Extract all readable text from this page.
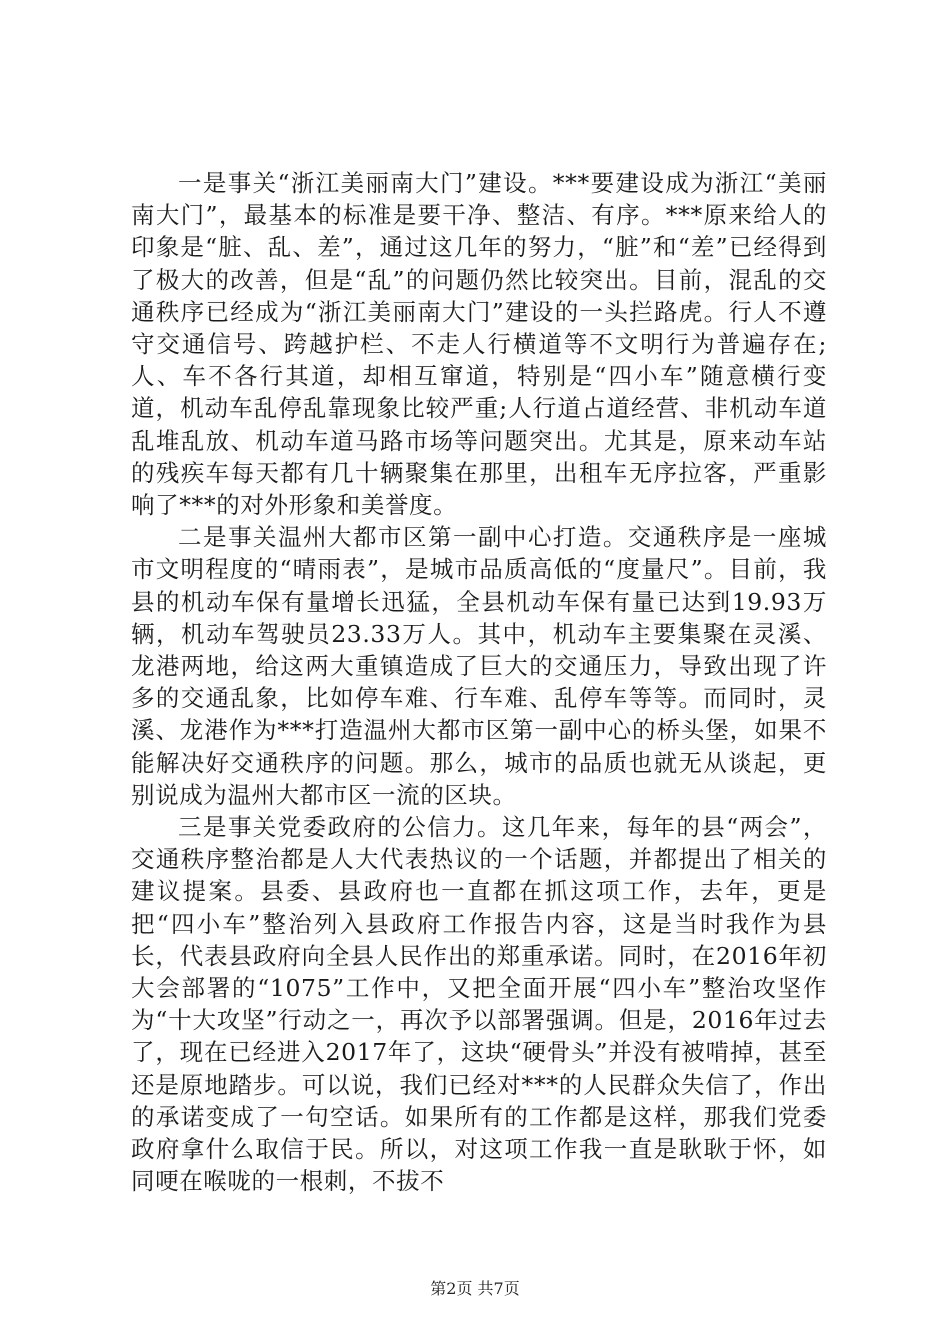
一是事关“浙江美丽南大门”建设。***要建设成为浙江“美丽南大门”，最基本的标准是要干净、整洁、有序。***原来给人的印象是“脏、乱、差”，通过这几年的努力，“脏”和“差”已经得到了极大的改善，但是“乱”的问题仍然比较突出。目前，混乱的交通秩序已经成为“浙江美丽南大门”建设的一头拦路虎。行人不遵守交通信号、跨越护栏、不走人行横道等不文明行为普遍存在;人、车不各行其道，却相互窜道，特别是“四小车”随意横行变道，机动车乱停乱靠现象比较严重;人行道占道经营、非机动车道乱堆乱放、机动车道马路市场等问题突出。尤其是，原来动车站的残疾车每天都有几十辆聚集在那里，出租车无序拉客，严重影响了***的对外形象和美誉度。

二是事关温州大都市区第一副中心打造。交通秩序是一座城市文明程度的“晴雨表”，是城市品质高低的“度量尺”。目前，我县的机动车保有量增长迅猛，全县机动车保有量已达到19.93万辆，机动车驾驶员23.33万人。其中，机动车主要集聚在灵溪、龙港两地，给这两大重镇造成了巨大的交通压力，导致出现了许多的交通乱象，比如停车难、行车难、乱停车等等。而同时，灵溪、龙港作为***打造温州大都市区第一副中心的桥头堡，如果不能解决好交通秩序的问题。那么，城市的品质也就无从谈起，更别说成为温州大都市区一流的区块。

三是事关党委政府的公信力。这几年来，每年的县“两会”，交通秩序整治都是人大代表热议的一个话题，并都提出了相关的建议提案。县委、县政府也一直都在抓这项工作，去年，更是把“四小车”整治列入县政府工作报告内容，这是当时我作为县长，代表县政府向全县人民作出的郑重承诺。同时，在2016年初大会部署的“1075”工作中，又把全面开展“四小车”整治攻坚作为“十大攻坚”行动之一，再次予以部署强调。但是，2016年过去了，现在已经进入2017年了，这块“硬骨头”并没有被啃掉，甚至还是原地踏步。可以说，我们已经对***的人民群众失信了，作出的承诺变成了一句空话。如果所有的工作都是这样，那我们党委政府拿什么取信于民。所以，对这项工作我一直是耿耿于怀，如同哽在喉咙的一根刺，不拔不

第2页 共7页
